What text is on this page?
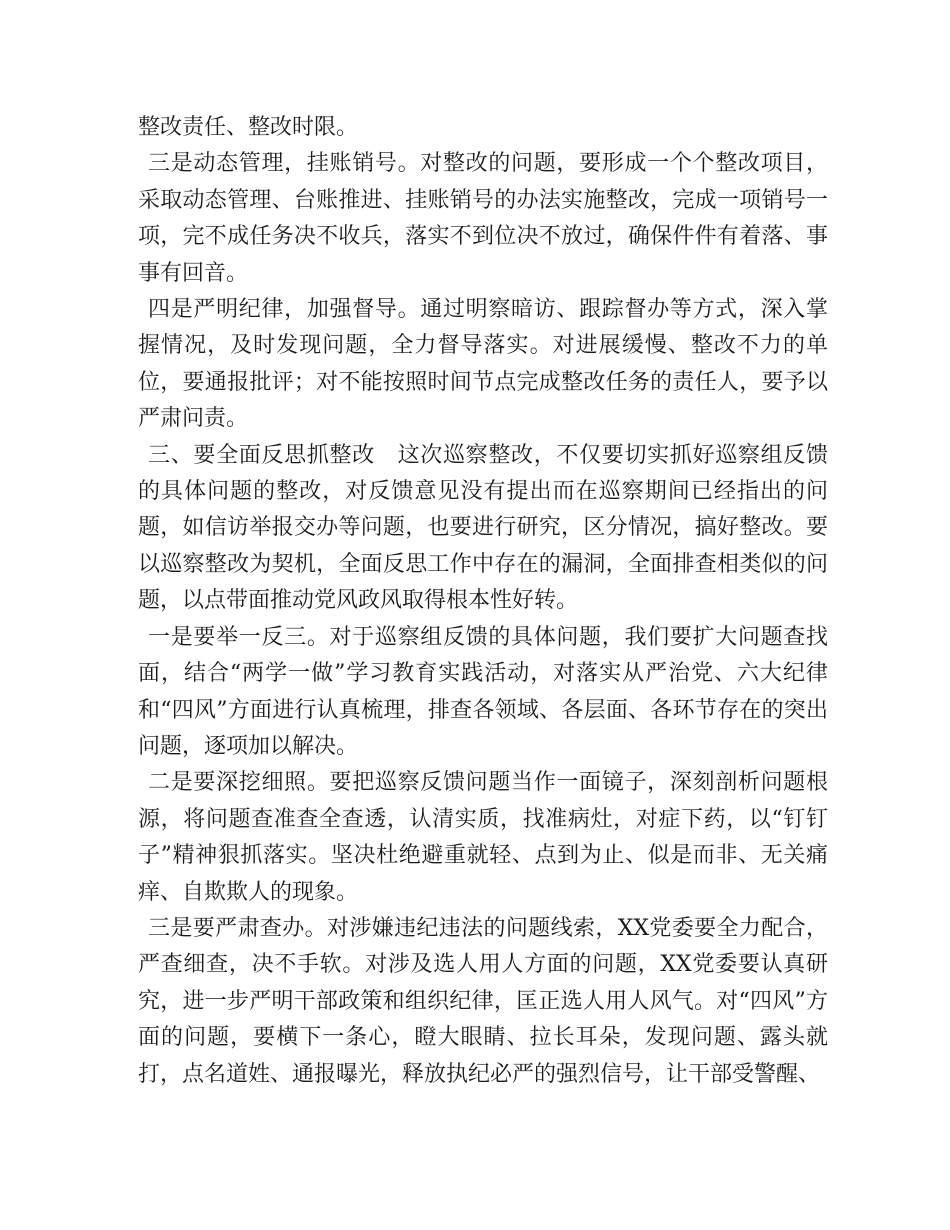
整改责任、整改时限。

三是动态管理，挂账销号。对整改的问题，要形成一个个整改项目，采取动态管理、台账推进、挂账销号的办法实施整改，完成一项销号一项，完不成任务决不收兵，落实不到位决不放过，确保件件有着落、事事有回音。

四是严明纪律，加强督导。通过明察暗访、跟踪督办等方式，深入掌握情况，及时发现问题，全力督导落实。对进展缓慢、整改不力的单位，要通报批评；对不能按照时间节点完成整改任务的责任人，要予以严肃问责。

三、要全面反思抓整改　这次巡察整改，不仅要切实抓好巡察组反馈的具体问题的整改，对反馈意见没有提出而在巡察期间已经指出的问题，如信访举报交办等问题，也要进行研究，区分情况，搞好整改。要以巡察整改为契机，全面反思工作中存在的漏洞，全面排查相类似的问题，以点带面推动党风政风取得根本性好转。

一是要举一反三。对于巡察组反馈的具体问题，我们要扩大问题查找面，结合“两学一做”学习教育实践活动，对落实从严治党、六大纪律和“四风”方面进行认真梳理，排查各领域、各层面、各环节存在的突出问题，逐项加以解决。

二是要深挖细照。要把巡察反馈问题当作一面镜子，深刻剖析问题根源，将问题查准查全查透，认清实质，找准病灶，对症下药，以“钉钉子”精神狠抓落实。坚决杜绝避重就轻、点到为止、似是而非、无关痛痒、自欺欺人的现象。

三是要严肃查办。对涉嫌违纪违法的问题线索，XX党委要全力配合，严查细查，决不手软。对涉及选人用人方面的问题，XX党委要认真研究，进一步严明干部政策和组织纪律，匡正选人用人风气。对“四风”方面的问题，要横下一条心，瞪大眼睛、拉长耳朵，发现问题、露头就打，点名道姓、通报曝光，释放执纪必严的强烈信号，让干部受警醒、
